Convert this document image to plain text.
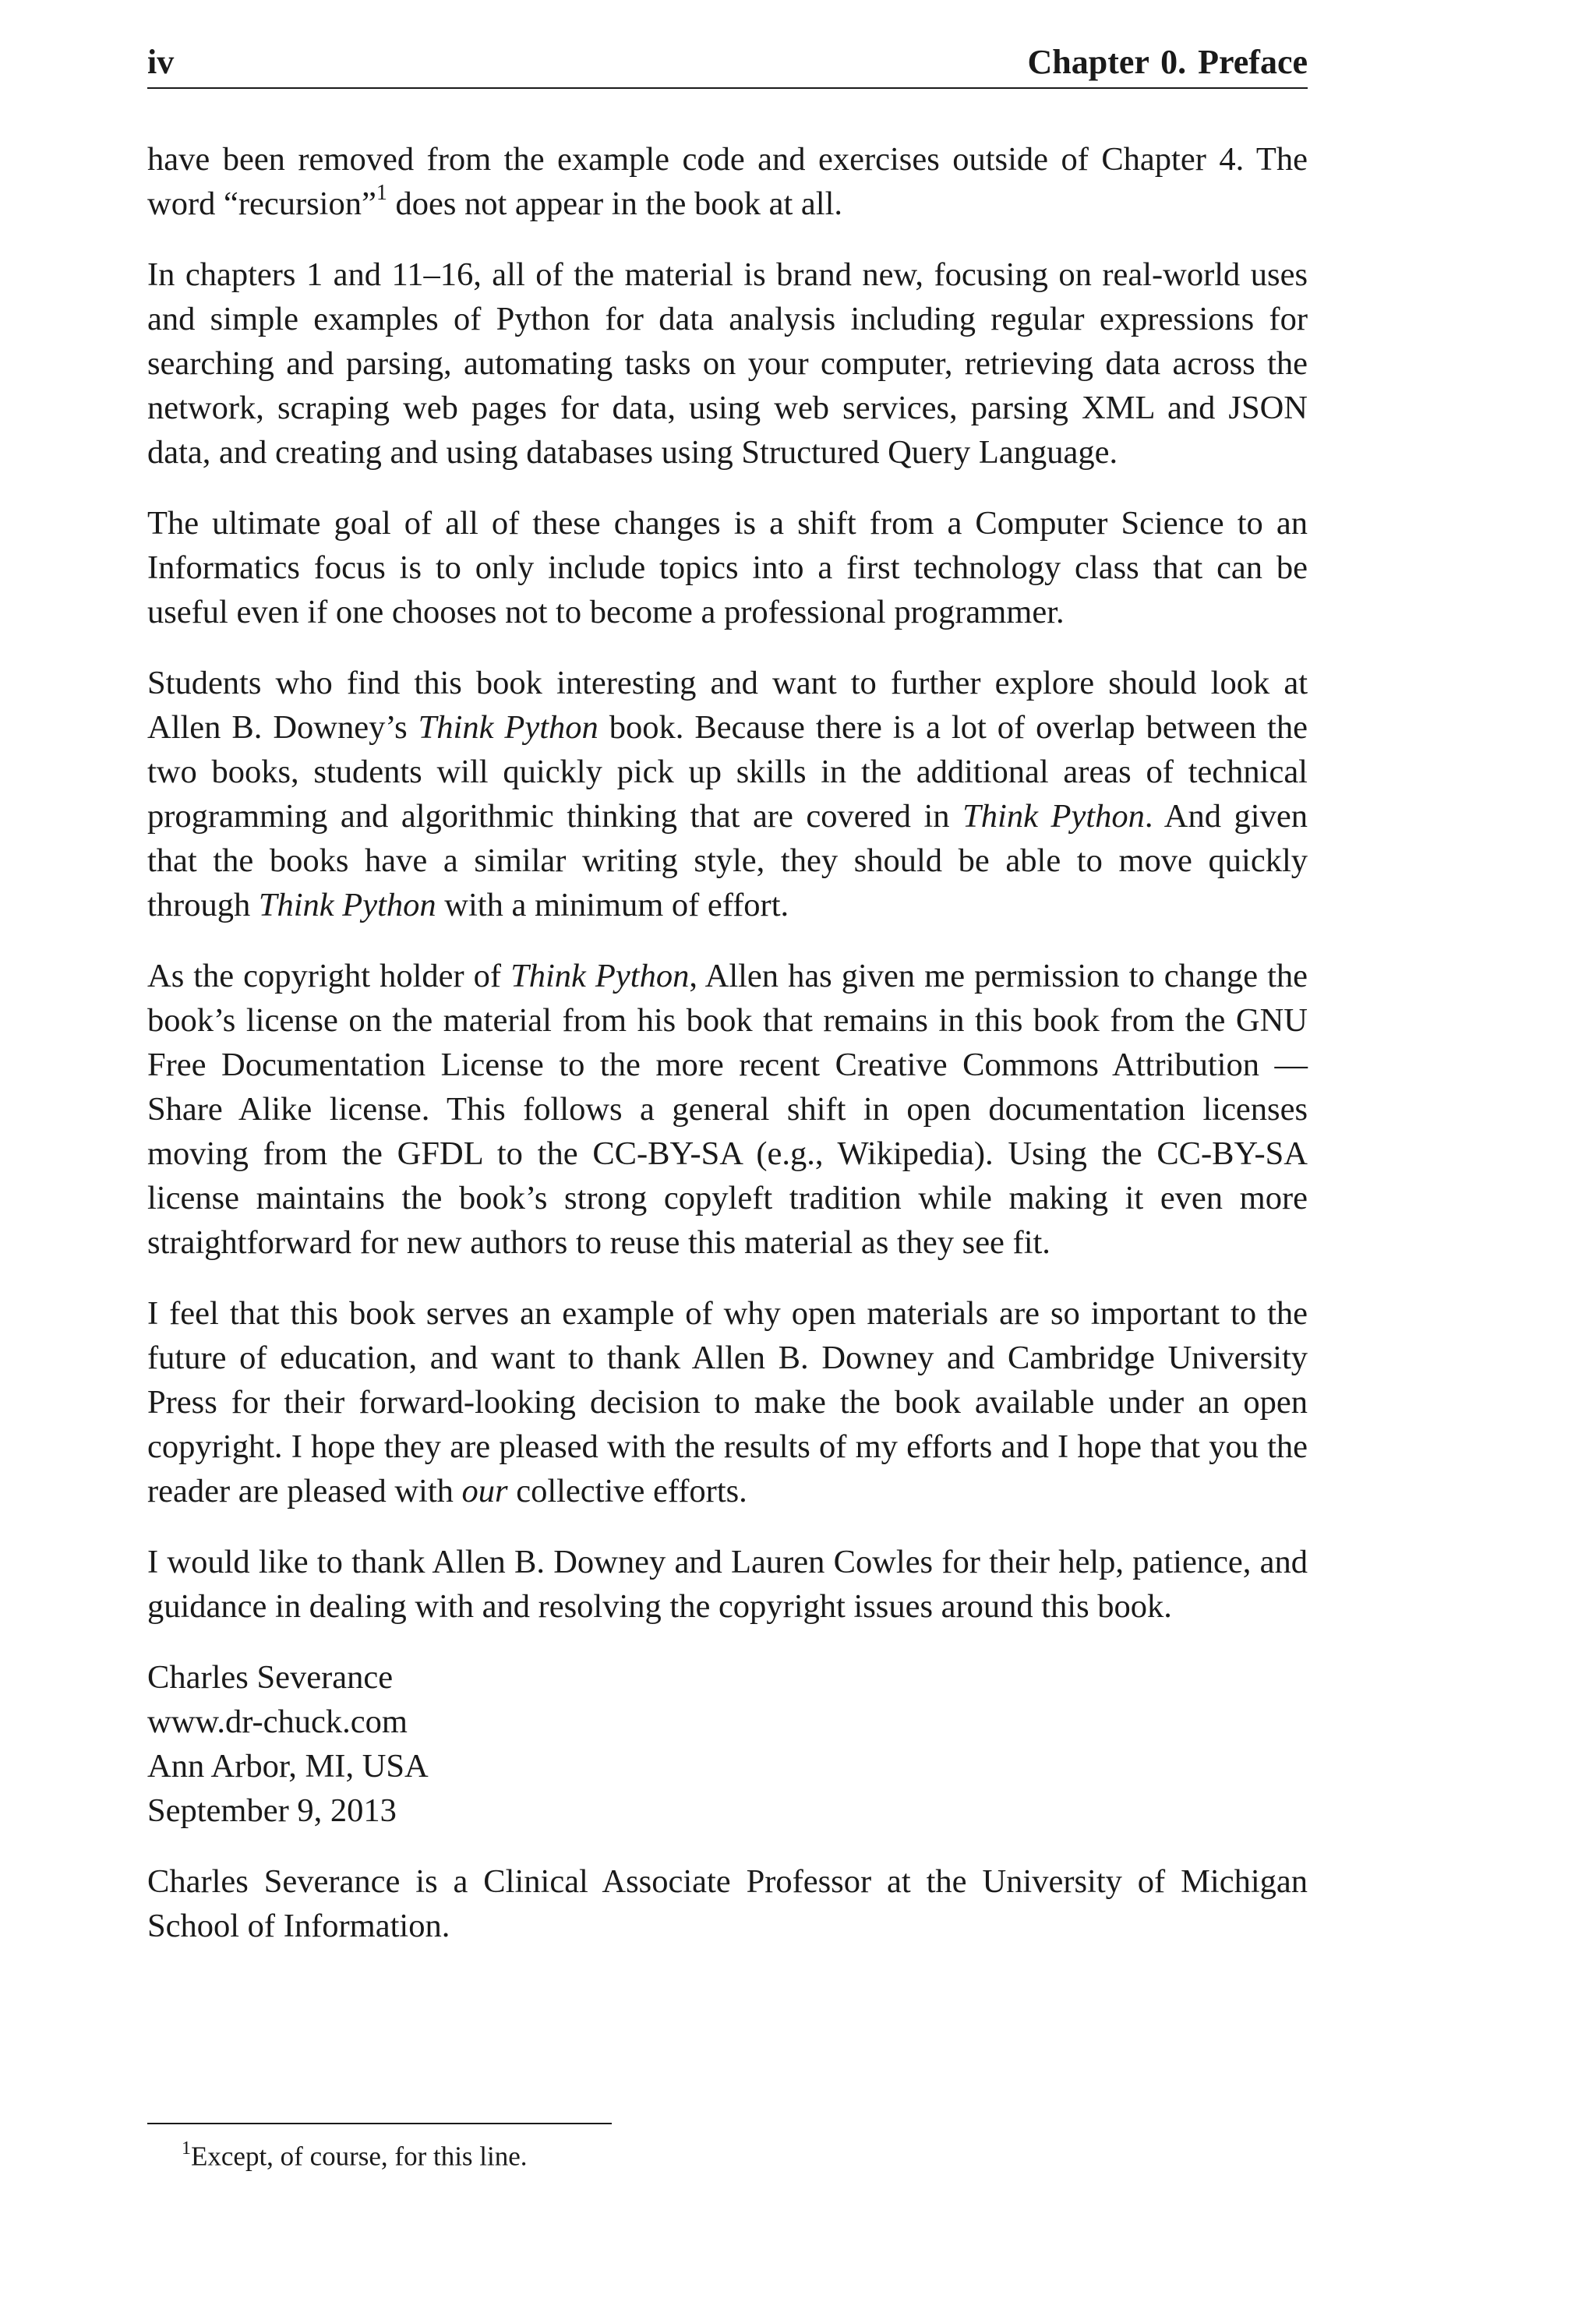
iv	Chapter 0. Preface

have been removed from the example code and exercises outside of Chapter 4. The word “recursion”$^1$ does not appear in the book at all.

In chapters 1 and 11–16, all of the material is brand new, focusing on real-world uses and simple examples of Python for data analysis including regular expressions for searching and parsing, automating tasks on your computer, retrieving data across the network, scraping web pages for data, using web services, parsing XML and JSON data, and creating and using databases using Structured Query Language.

The ultimate goal of all of these changes is a shift from a Computer Science to an Informatics focus is to only include topics into a first technology class that can be useful even if one chooses not to become a professional programmer.

Students who find this book interesting and want to further explore should look at Allen B. Downey’s Think Python book. Because there is a lot of overlap between the two books, students will quickly pick up skills in the additional areas of technical programming and algorithmic thinking that are covered in Think Python. And given that the books have a similar writing style, they should be able to move quickly through Think Python with a minimum of effort.

As the copyright holder of Think Python, Allen has given me permission to change the book’s license on the material from his book that remains in this book from the GNU Free Documentation License to the more recent Creative Commons Attribution — Share Alike license. This follows a general shift in open documentation licenses moving from the GFDL to the CC-BY-SA (e.g., Wikipedia). Using the CC-BY-SA license maintains the book’s strong copyleft tradition while making it even more straightforward for new authors to reuse this material as they see fit.

I feel that this book serves an example of why open materials are so important to the future of education, and want to thank Allen B. Downey and Cambridge University Press for their forward-looking decision to make the book available under an open copyright. I hope they are pleased with the results of my efforts and I hope that you the reader are pleased with our collective efforts.

I would like to thank Allen B. Downey and Lauren Cowles for their help, patience, and guidance in dealing with and resolving the copyright issues around this book.

Charles Severance
www.dr-chuck.com
Ann Arbor, MI, USA
September 9, 2013

Charles Severance is a Clinical Associate Professor at the University of Michigan School of Information.

$^1$Except, of course, for this line.
